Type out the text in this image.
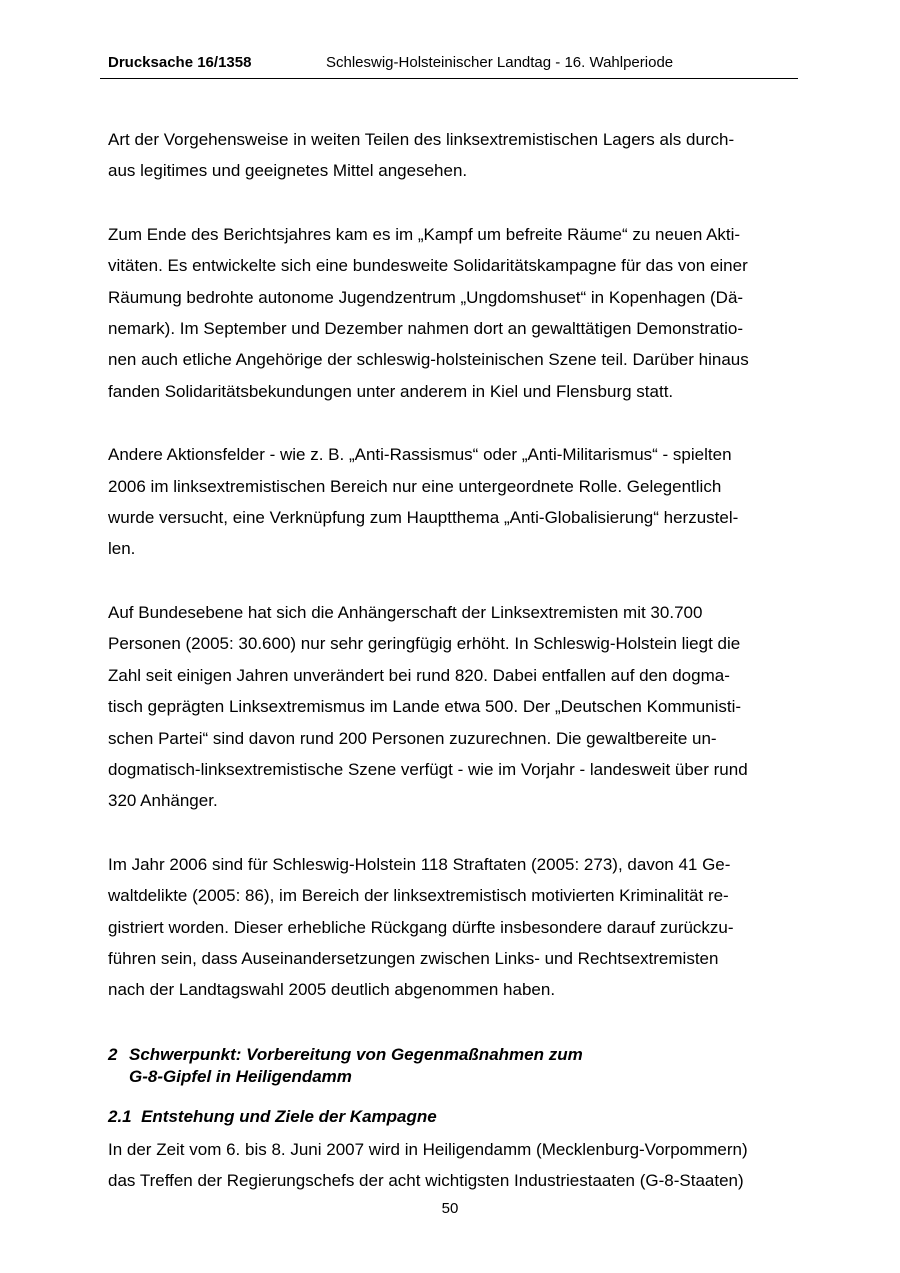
Drucksache 16/1358	Schleswig-Holsteinischer Landtag - 16. Wahlperiode

Art der Vorgehensweise in weiten Teilen des linksextremistischen Lagers als durch-
aus legitimes und geeignetes Mittel angesehen.

Zum Ende des Berichtsjahres kam es im „Kampf um befreite Räume“ zu neuen Akti-
vitäten. Es entwickelte sich eine bundesweite Solidaritätskampagne für das von einer
Räumung bedrohte autonome Jugendzentrum „Ungdomshuset“ in Kopenhagen (Dä-
nemark). Im September und Dezember nahmen dort an gewalttätigen Demonstratio-
nen auch etliche Angehörige der schleswig-holsteinischen Szene teil. Darüber hinaus
fanden Solidaritätsbekundungen unter anderem in Kiel und Flensburg statt.

Andere Aktionsfelder - wie z. B. „Anti-Rassismus“ oder „Anti-Militarismus“ - spielten
2006 im linksextremistischen Bereich nur eine untergeordnete Rolle. Gelegentlich
wurde versucht, eine Verknüpfung zum Hauptthema „Anti-Globalisierung“ herzustel-
len.

Auf Bundesebene hat sich die Anhängerschaft der Linksextremisten mit 30.700
Personen (2005: 30.600) nur sehr geringfügig erhöht. In Schleswig-Holstein liegt die
Zahl seit einigen Jahren unverändert bei rund 820. Dabei entfallen auf den dogma-
tisch geprägten Linksextremismus im Lande etwa 500. Der „Deutschen Kommunisti-
schen Partei“ sind davon rund 200 Personen zuzurechnen. Die gewaltbereite un-
dogmatisch-linksextremistische Szene verfügt - wie im Vorjahr - landesweit über rund
320 Anhänger.

Im Jahr 2006 sind für Schleswig-Holstein 118 Straftaten (2005: 273), davon 41 Ge-
waltdelikte (2005: 86), im Bereich der linksextremistisch motivierten Kriminalität re-
gistriert worden. Dieser erhebliche Rückgang dürfte insbesondere darauf zurückzu-
führen sein, dass Auseinandersetzungen zwischen Links- und Rechtsextremisten
nach der Landtagswahl 2005 deutlich abgenommen haben.

2 Schwerpunkt: Vorbereitung von Gegenmaßnahmen zum
G-8-Gipfel in Heiligendamm
2.1  Entstehung und Ziele der Kampagne

In der Zeit vom 6. bis 8. Juni 2007 wird in Heiligendamm (Mecklenburg-Vorpommern)
das Treffen der Regierungschefs der acht wichtigsten Industriestaaten (G-8-Staaten)

50
